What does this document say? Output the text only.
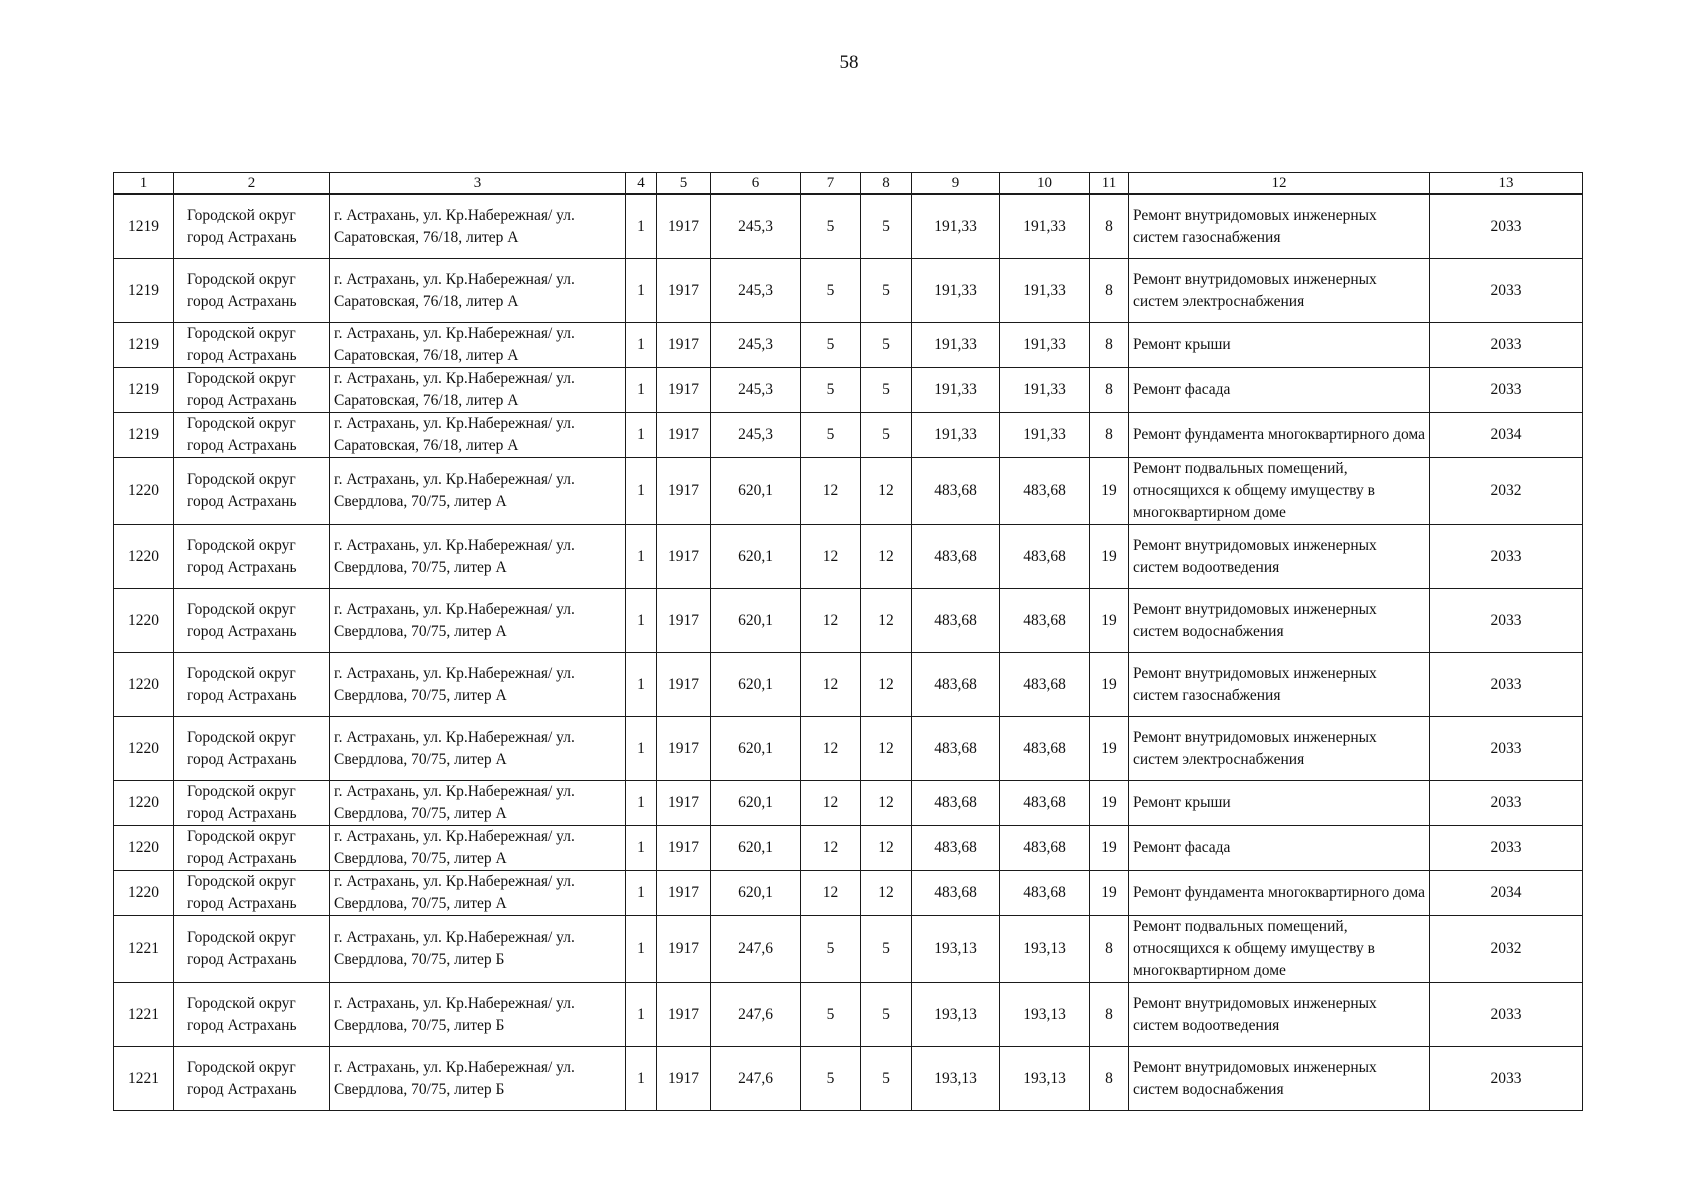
58
1	2	3	4	5	6	7	8	9	10	11	12	13
1219	Городской округ город Астрахань	г. Астрахань, ул. Кр.Набережная/ ул. Саратовская, 76/18, литер А	1	1917	245,3	5	5	191,33	191,33	8	Ремонт внутридомовых инженерных систем газоснабжения	2033
1219	Городской округ город Астрахань	г. Астрахань, ул. Кр.Набережная/ ул. Саратовская, 76/18, литер А	1	1917	245,3	5	5	191,33	191,33	8	Ремонт внутридомовых инженерных систем электроснабжения	2033
1219	Городской округ город Астрахань	г. Астрахань, ул. Кр.Набережная/ ул. Саратовская, 76/18, литер А	1	1917	245,3	5	5	191,33	191,33	8	Ремонт крыши	2033
1219	Городской округ город Астрахань	г. Астрахань, ул. Кр.Набережная/ ул. Саратовская, 76/18, литер А	1	1917	245,3	5	5	191,33	191,33	8	Ремонт фасада	2033
1219	Городской округ город Астрахань	г. Астрахань, ул. Кр.Набережная/ ул. Саратовская, 76/18, литер А	1	1917	245,3	5	5	191,33	191,33	8	Ремонт фундамента многоквартирного дома	2034
1220	Городской округ город Астрахань	г. Астрахань, ул. Кр.Набережная/ ул. Свердлова, 70/75, литер А	1	1917	620,1	12	12	483,68	483,68	19	Ремонт подвальных помещений, относящихся к общему имуществу в многоквартирном доме	2032
1220	Городской округ город Астрахань	г. Астрахань, ул. Кр.Набережная/ ул. Свердлова, 70/75, литер А	1	1917	620,1	12	12	483,68	483,68	19	Ремонт внутридомовых инженерных систем водоотведения	2033
1220	Городской округ город Астрахань	г. Астрахань, ул. Кр.Набережная/ ул. Свердлова, 70/75, литер А	1	1917	620,1	12	12	483,68	483,68	19	Ремонт внутридомовых инженерных систем водоснабжения	2033
1220	Городской округ город Астрахань	г. Астрахань, ул. Кр.Набережная/ ул. Свердлова, 70/75, литер А	1	1917	620,1	12	12	483,68	483,68	19	Ремонт внутридомовых инженерных систем газоснабжения	2033
1220	Городской округ город Астрахань	г. Астрахань, ул. Кр.Набережная/ ул. Свердлова, 70/75, литер А	1	1917	620,1	12	12	483,68	483,68	19	Ремонт внутридомовых инженерных систем электроснабжения	2033
1220	Городской округ город Астрахань	г. Астрахань, ул. Кр.Набережная/ ул. Свердлова, 70/75, литер А	1	1917	620,1	12	12	483,68	483,68	19	Ремонт крыши	2033
1220	Городской округ город Астрахань	г. Астрахань, ул. Кр.Набережная/ ул. Свердлова, 70/75, литер А	1	1917	620,1	12	12	483,68	483,68	19	Ремонт фасада	2033
1220	Городской округ город Астрахань	г. Астрахань, ул. Кр.Набережная/ ул. Свердлова, 70/75, литер А	1	1917	620,1	12	12	483,68	483,68	19	Ремонт фундамента многоквартирного дома	2034
1221	Городской округ город Астрахань	г. Астрахань, ул. Кр.Набережная/ ул. Свердлова, 70/75, литер Б	1	1917	247,6	5	5	193,13	193,13	8	Ремонт подвальных помещений, относящихся к общему имуществу в многоквартирном доме	2032
1221	Городской округ город Астрахань	г. Астрахань, ул. Кр.Набережная/ ул. Свердлова, 70/75, литер Б	1	1917	247,6	5	5	193,13	193,13	8	Ремонт внутридомовых инженерных систем водоотведения	2033
1221	Городской округ город Астрахань	г. Астрахань, ул. Кр.Набережная/ ул. Свердлова, 70/75, литер Б	1	1917	247,6	5	5	193,13	193,13	8	Ремонт внутридомовых инженерных систем водоснабжения	2033
